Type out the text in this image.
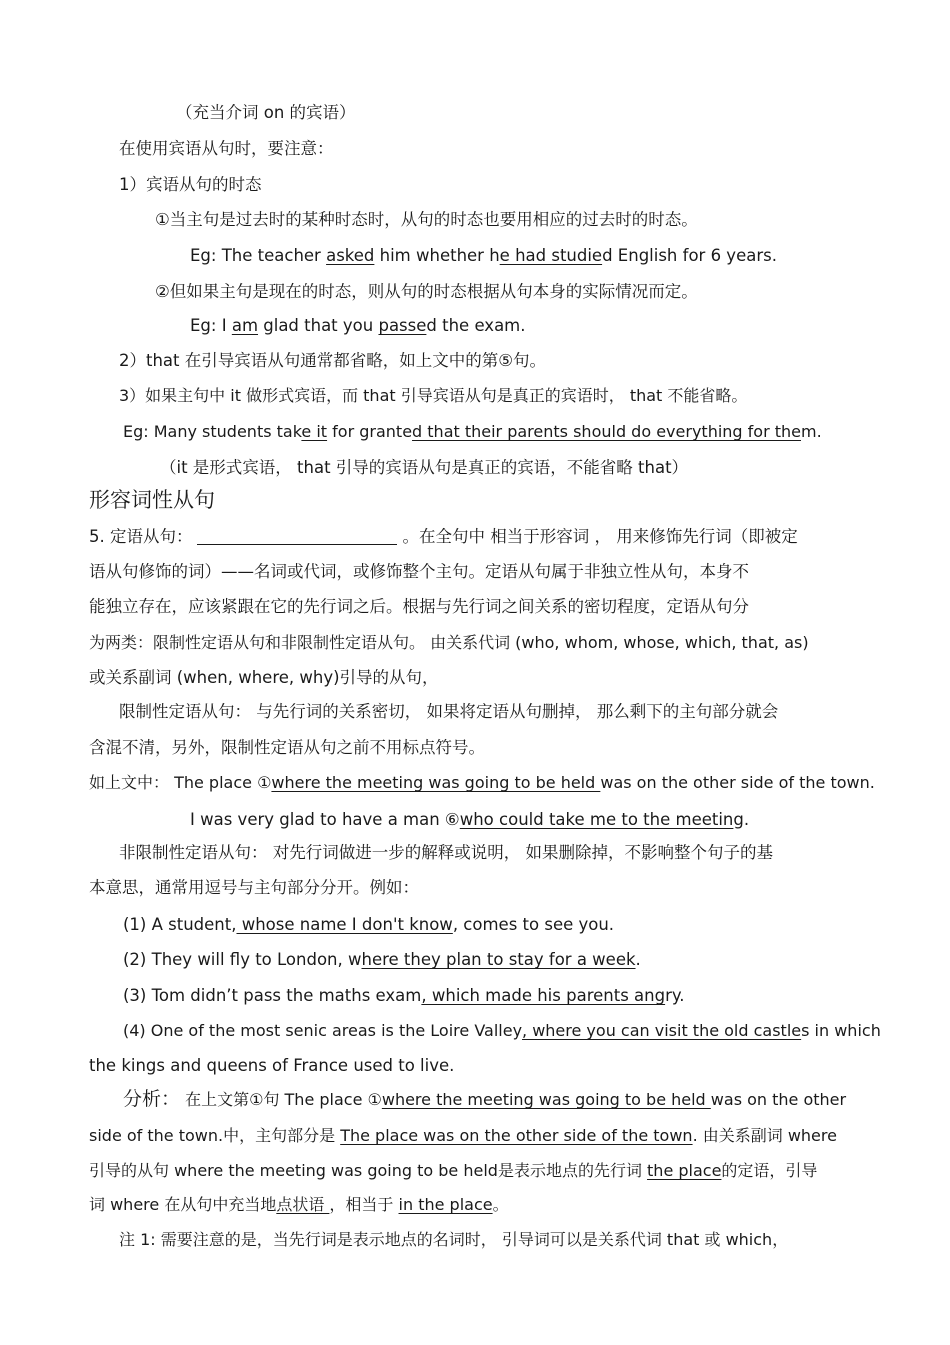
（充当介词 on 的宾语）
在使用宾语从句时，要注意：
1）宾语从句的时态
①当主句是过去时的某种时态时，从句的时态也要用相应的过去时的时态。
Eg: The teacher asked him whether he had studied English for 6 years.
②但如果主句是现在的时态，则从句的时态根据从句本身的实际情况而定。
Eg: I am glad that you passed the exam.
2）that 在引导宾语从句通常都省略，如上文中的第⑤句。
3）如果主句中 it 做形式宾语，而 that 引导宾语从句是真正的宾语时， that 不能省略。
Eg: Many students take it for granted that their parents should do everything for them.
（it 是形式宾语， that 引导的宾语从句是真正的宾语，不能省略 that）
形容词性从句
5. 定语从句：	。在全句中 相当于形容词 ， 用来修饰先行词（即被定
语从句修饰的词）——名词或代词，或修饰整个主句。定语从句属于非独立性从句，本身不
能独立存在，应该紧跟在它的先行词之后。根据与先行词之间关系的密切程度，定语从句分
为两类：限制性定语从句和非限制性定语从句。 由关系代词 (who, whom, whose, which, that, as)
或关系副词 (when, where, why)引导的从句，
限制性定语从句： 与先行词的关系密切， 如果将定语从句删掉， 那么剩下的主句部分就会
含混不清，另外，限制性定语从句之前不用标点符号。
如上文中： The place ①where the meeting was going to be held was on the other side of the town.
I was very glad to have a man ⑥who could take me to the meeting.
非限制性定语从句： 对先行词做进一步的解释或说明， 如果删除掉，不影响整个句子的基
本意思，通常用逗号与主句部分分开。例如：
(1) A student, whose name I don't know, comes to see you.
(2) They will fly to London, where they plan to stay for a week.
(3) Tom didn’t pass the maths exam, which made his parents angry.
(4) One of the most senic areas is the Loire Valley, where you can visit the old castles in which
the kings and queens of France used to live.
分析： 在上文第①句 The place ①where the meeting was going to be held was on the other
side of the town.中，主句部分是 The place was on the other side of the town. 由关系副词 where
引导的从句 where the meeting was going to be held是表示地点的先行词 the place的定语，引导
词 where 在从句中充当地点状语 ，相当于 in the place。
注 1: 需要注意的是，当先行词是表示地点的名词时， 引导词可以是关系代词 that 或 which，
